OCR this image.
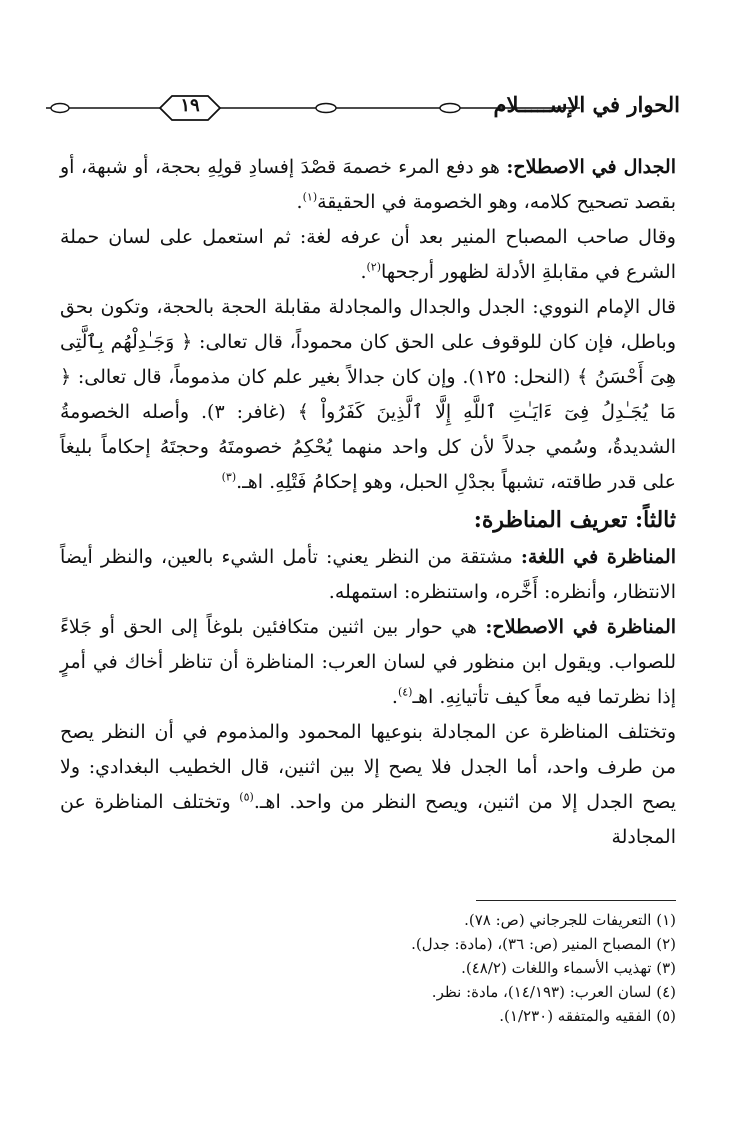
الحوار في الإســـــلام
١٩

الجدال في الاصطلاح: هو دفع المرء خصمهَ قصْدَ إفسادِ قولِهِ بحجة، أو شبهة، أو بقصد تصحيح كلامه، وهو الخصومة في الحقيقة$^{(١)}$.

وقال صاحب المصباح المنير بعد أن عرفه لغة: ثم استعمل على لسان حملة الشرع في مقابلةِ الأدلة لظهور أرجحها$^{(٢)}$.

قال الإمام النووي: الجدل والجدال والمجادلة مقابلة الحجة بالحجة، وتكون بحق وباطل، فإن كان للوقوف على الحق كان محموداً، قال تعالى: ﴿ وَجَـٰدِلْهُم بِٱلَّتِى هِىَ أَحْسَنُ ﴾ (النحل: ١٢٥). وإن كان جدالاً بغير علم كان مذموماً، قال تعالى: ﴿ مَا يُجَـٰدِلُ فِىٓ ءَايَـٰتِ ٱللَّهِ إِلَّا ٱلَّذِينَ كَفَرُواْ ﴾ (غافر: ٣). وأصله الخصومةُ الشديدةُ، وسُمي جدلاً لأن كل واحد منهما يُحْكِمُ خصومتَهُ وحجتَهُ إحكاماً بليغاً على قدر طاقته، تشبهاً بجدْلِ الحبل، وهو إحكامُ فَتْلِهِ. اهـ.$^{(٣)}$

ثالثاً: تعريف المناظرة:

المناظرة في اللغة: مشتقة من النظر يعني: تأمل الشيء بالعين، والنظر أيضاً الانتظار، وأنظره: أَخَّره، واستنظره: استمهله.

المناظرة في الاصطلاح: هي حوار بين اثنين متكافئين بلوغاً إلى الحق أو جَلاءً للصواب. ويقول ابن منظور في لسان العرب: المناظرة أن تناظر أخاك في أمرٍ إذا نظرتما فيه معاً كيف تأتيانِهِ. اهـ$^{(٤)}$.

وتختلف المناظرة عن المجادلة بنوعيها المحمود والمذموم في أن النظر يصح من طرف واحد، أما الجدل فلا يصح إلا بين اثنين، قال الخطيب البغدادي: ولا يصح الجدل إلا من اثنين، ويصح النظر من واحد. اهـ.$^{(٥)}$ وتختلف المناظرة عن المجادلة

(١) التعريفات للجرجاني (ص: ٧٨).

(٢) المصباح المنير (ص: ٣٦)، (مادة: جدل).

(٣) تهذيب الأسماء واللغات (٤٨/٢).

(٤) لسان العرب: (١٤/١٩٣)، مادة: نظر.

(٥) الفقيه والمتفقه (١/٢٣٠).
